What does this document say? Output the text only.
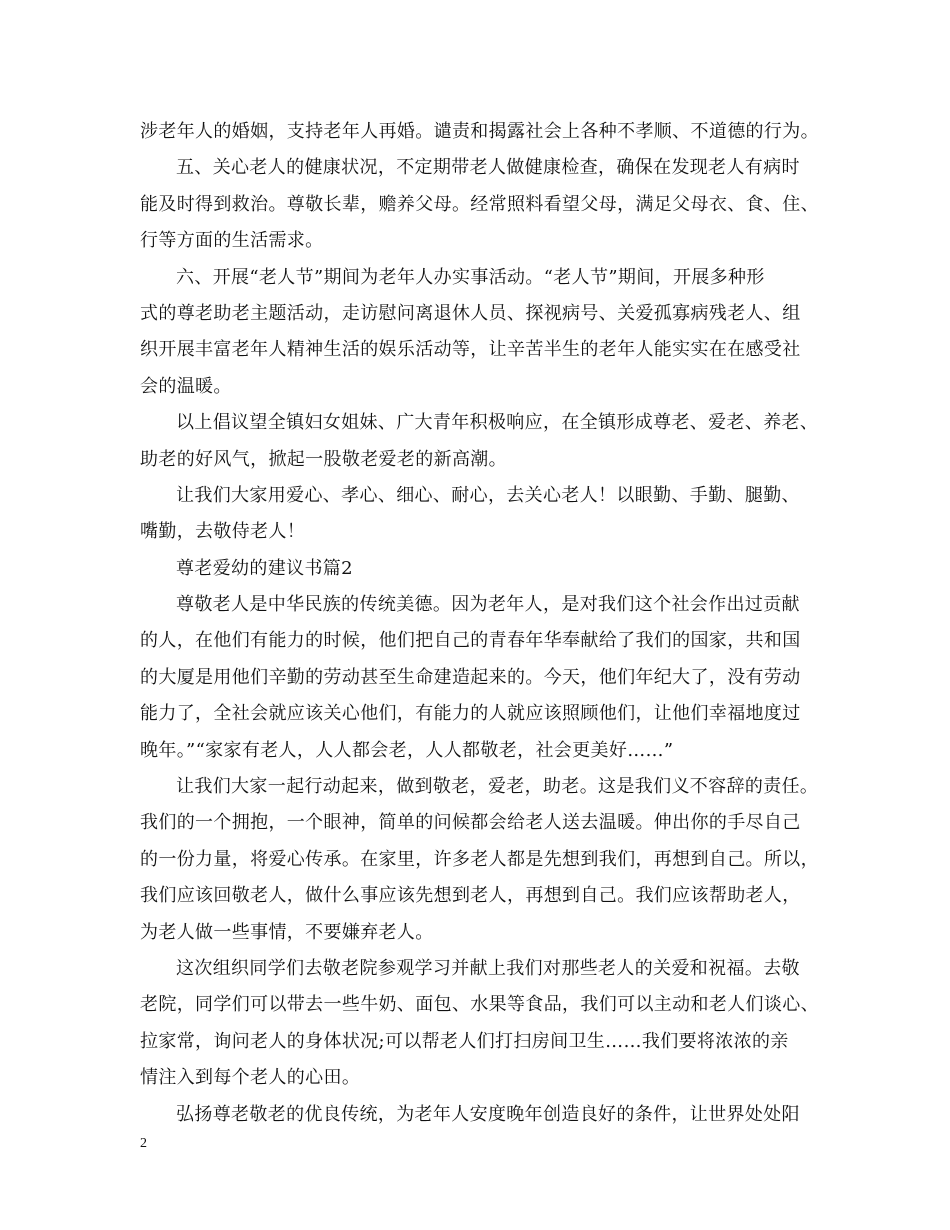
涉老年人的婚姻，支持老年人再婚。谴责和揭露社会上各种不孝顺、不道德的行为。
五、关心老人的健康状况，不定期带老人做健康检查，确保在发现老人有病时
能及时得到救治。尊敬长辈，赡养父母。经常照料看望父母，满足父母衣、食、住、
行等方面的生活需求。
六、开展“老人节”期间为老年人办实事活动。“老人节”期间，开展多种形
式的尊老助老主题活动，走访慰问离退休人员、探视病号、关爱孤寡病残老人、组
织开展丰富老年人精神生活的娱乐活动等，让辛苦半生的老年人能实实在在感受社
会的温暖。
以上倡议望全镇妇女姐妹、广大青年积极响应，在全镇形成尊老、爱老、养老、
助老的好风气，掀起一股敬老爱老的新高潮。
让我们大家用爱心、孝心、细心、耐心，去关心老人！以眼勤、手勤、腿勤、
嘴勤，去敬侍老人！
尊老爱幼的建议书篇2
尊敬老人是中华民族的传统美德。因为老年人，是对我们这个社会作出过贡献
的人，在他们有能力的时候，他们把自己的青春年华奉献给了我们的国家，共和国
的大厦是用他们辛勤的劳动甚至生命建造起来的。今天，他们年纪大了，没有劳动
能力了，全社会就应该关心他们，有能力的人就应该照顾他们，让他们幸福地度过
晚年。”“家家有老人，人人都会老，人人都敬老，社会更美好……”
让我们大家一起行动起来，做到敬老，爱老，助老。这是我们义不容辞的责任。
我们的一个拥抱，一个眼神，简单的问候都会给老人送去温暖。伸出你的手尽自己
的一份力量，将爱心传承。在家里，许多老人都是先想到我们，再想到自己。所以，
我们应该回敬老人，做什么事应该先想到老人，再想到自己。我们应该帮助老人，
为老人做一些事情，不要嫌弃老人。
这次组织同学们去敬老院参观学习并献上我们对那些老人的关爱和祝福。去敬
老院，同学们可以带去一些牛奶、面包、水果等食品，我们可以主动和老人们谈心、
拉家常，询问老人的身体状况;可以帮老人们打扫房间卫生……我们要将浓浓的亲
情注入到每个老人的心田。
弘扬尊老敬老的优良传统，为老年人安度晚年创造良好的条件，让世界处处阳
2
